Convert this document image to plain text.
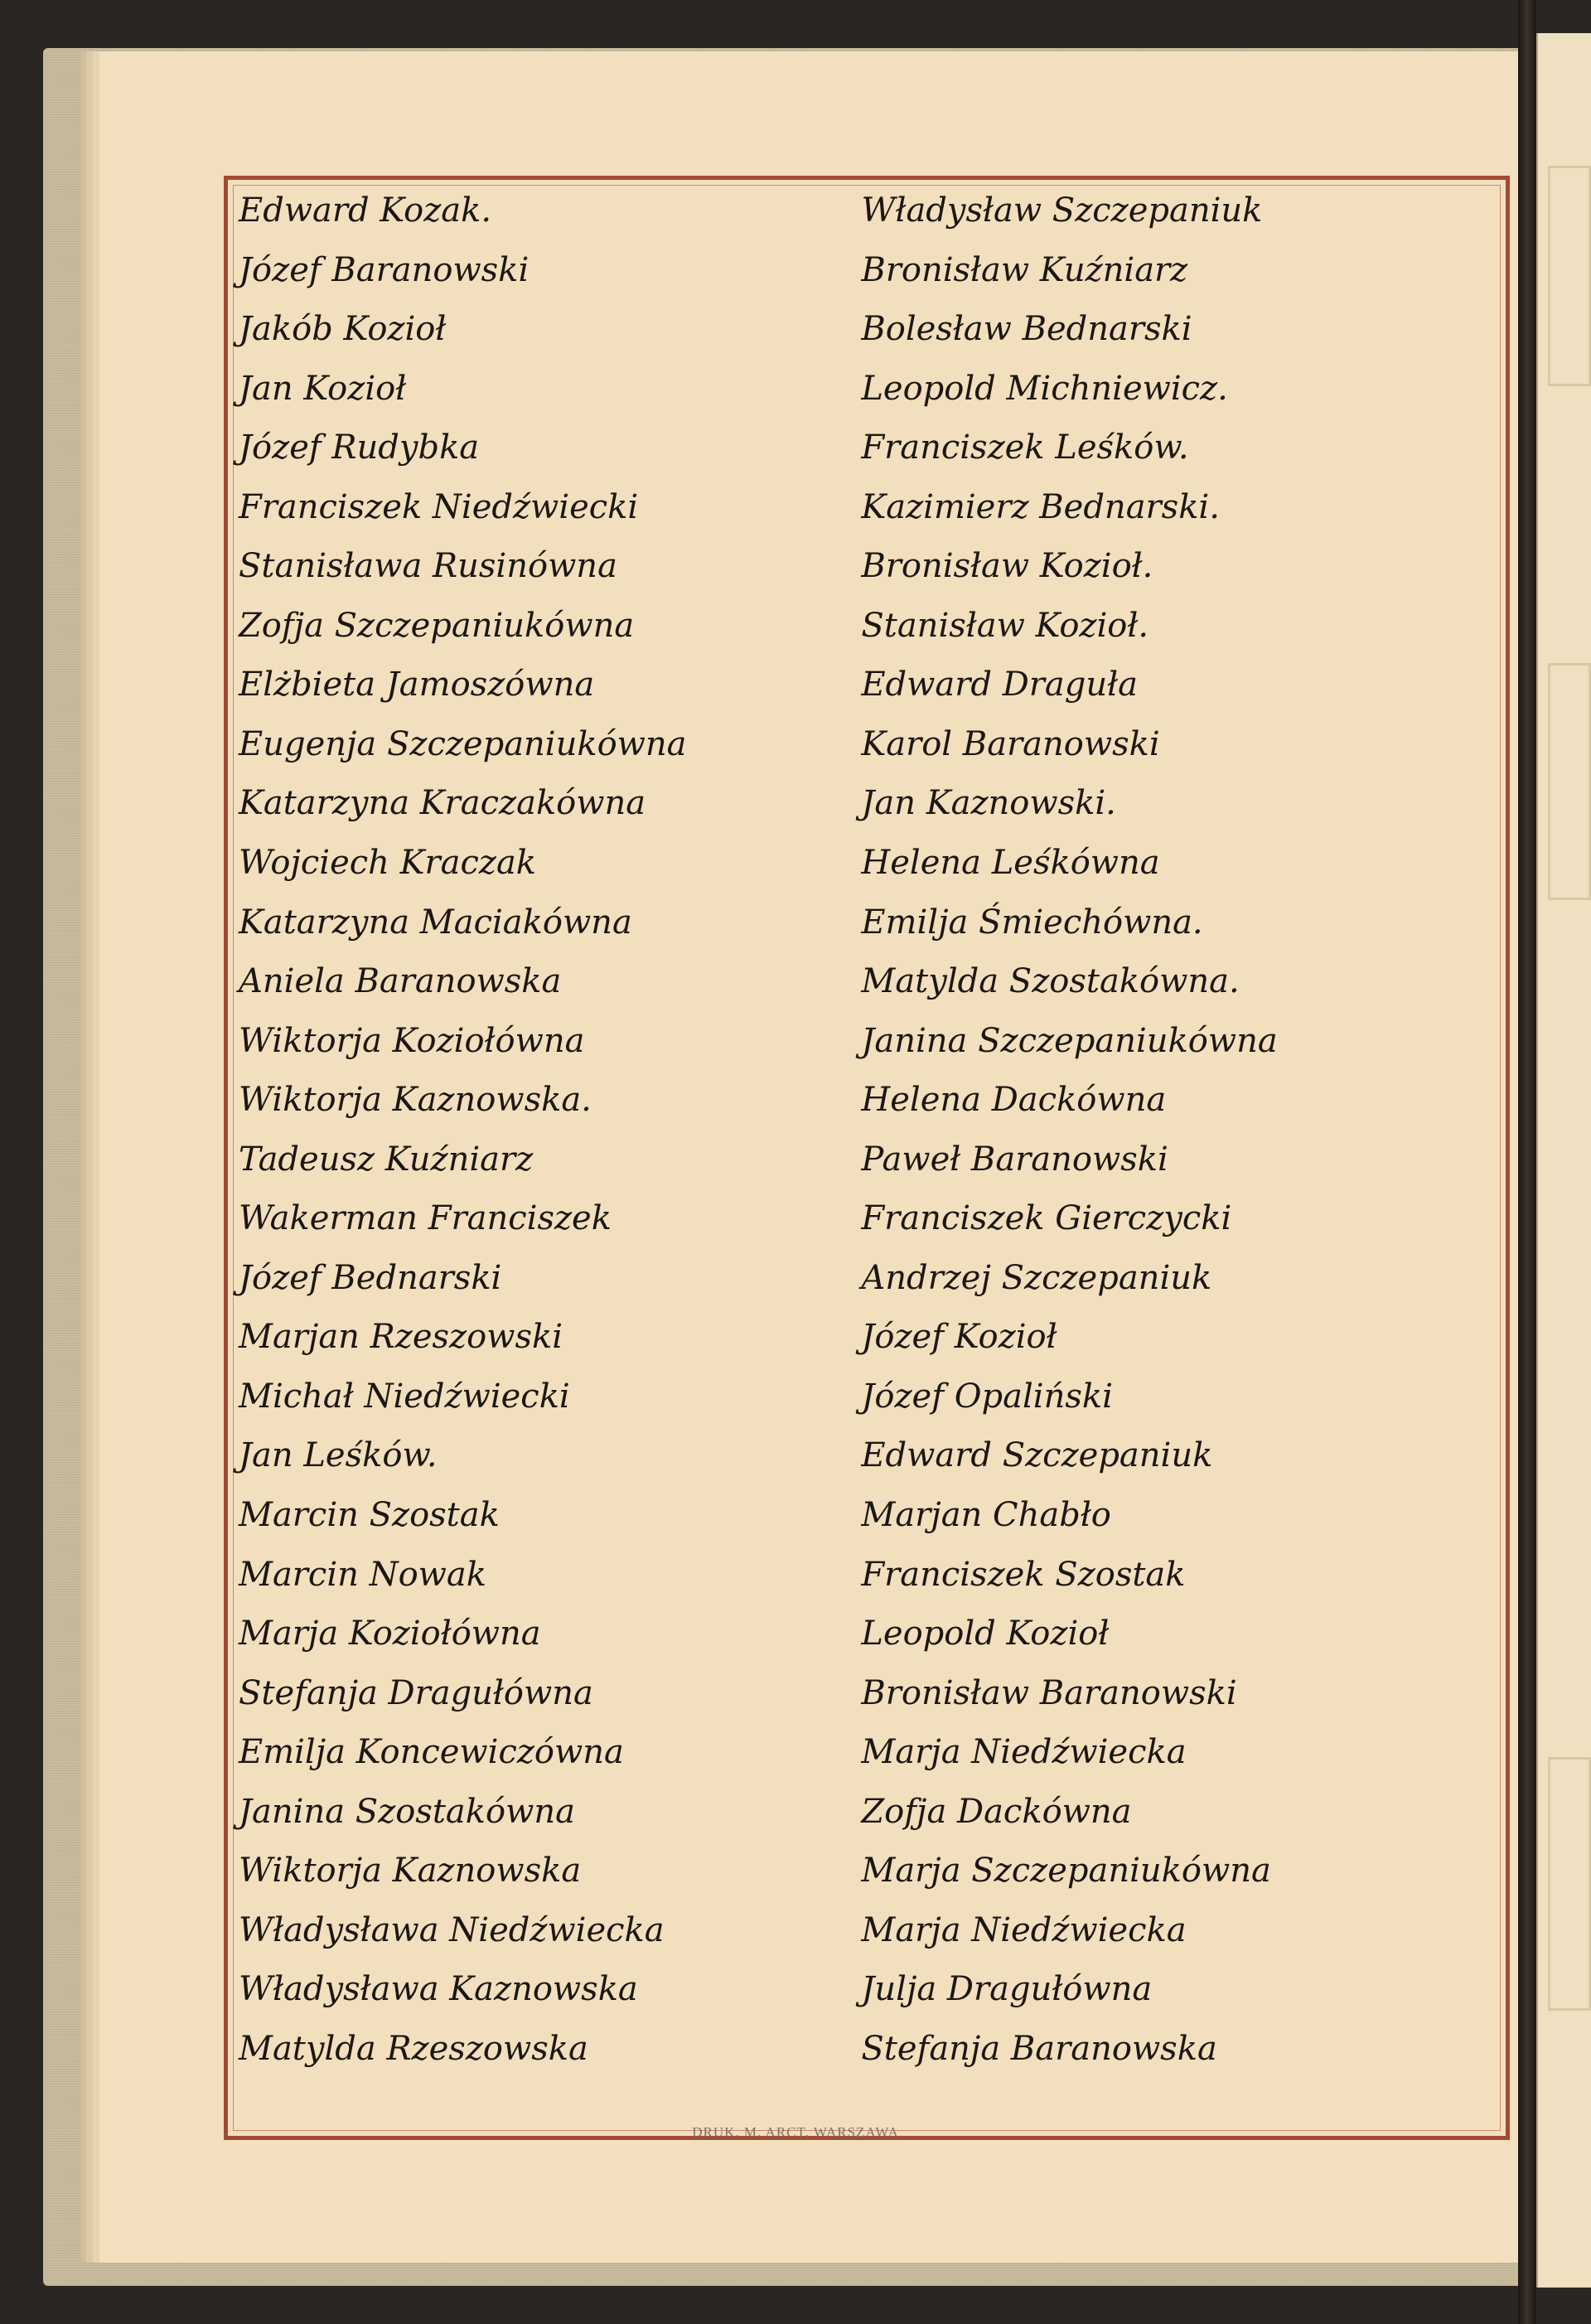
Edward Kozak.
Józef Baranowski
Jakób Kozioł
Jan Kozioł
Józef Rudybka
Franciszek Niedźwiecki
Stanisława Rusinówna
Zofja Szczepaniukówna
Elżbieta Jamoszówna
Eugenja Szczepaniukówna
Katarzyna Kraczakówna
Wojciech Kraczak
Katarzyna Maciakówna
Aniela Baranowska
Wiktorja Koziołówna
Wiktorja Kaznowska.
Tadeusz Kuźniarz
Wakerman Franciszek
Józef Bednarski
Marjan Rzeszowski
Michał Niedźwiecki
Jan Leśków.
Marcin Szostak
Marcin Nowak
Marja Koziołówna
Stefanja Dragułówna
Emilja Koncewiczówna
Janina Szostakówna
Wiktorja Kaznowska
Władysława Niedźwiecka
Władysława Kaznowska
Matylda Rzeszowska
Władysław Szczepaniuk
Bronisław Kuźniarz
Bolesław Bednarski
Leopold Michniewicz.
Franciszek Leśków.
Kazimierz Bednarski.
Bronisław Kozioł.
Stanisław Kozioł.
Edward Draguła
Karol Baranowski
Jan Kaznowski.
Helena Leśkówna
Emilja Śmiechówna.
Matylda Szostakówna.
Janina Szczepaniukówna
Helena Dackówna
Paweł Baranowski
Franciszek Gierczycki
Andrzej Szczepaniuk
Józef Kozioł
Józef Opaliński
Edward Szczepaniuk
Marjan Chabło
Franciszek Szostak
Leopold Kozioł
Bronisław Baranowski
Marja Niedźwiecka
Zofja Dackówna
Marja Szczepaniukówna
Marja Niedźwiecka
Julja Dragułówna
Stefanja Baranowska
DRUK. M. ARCT, WARSZAWA
